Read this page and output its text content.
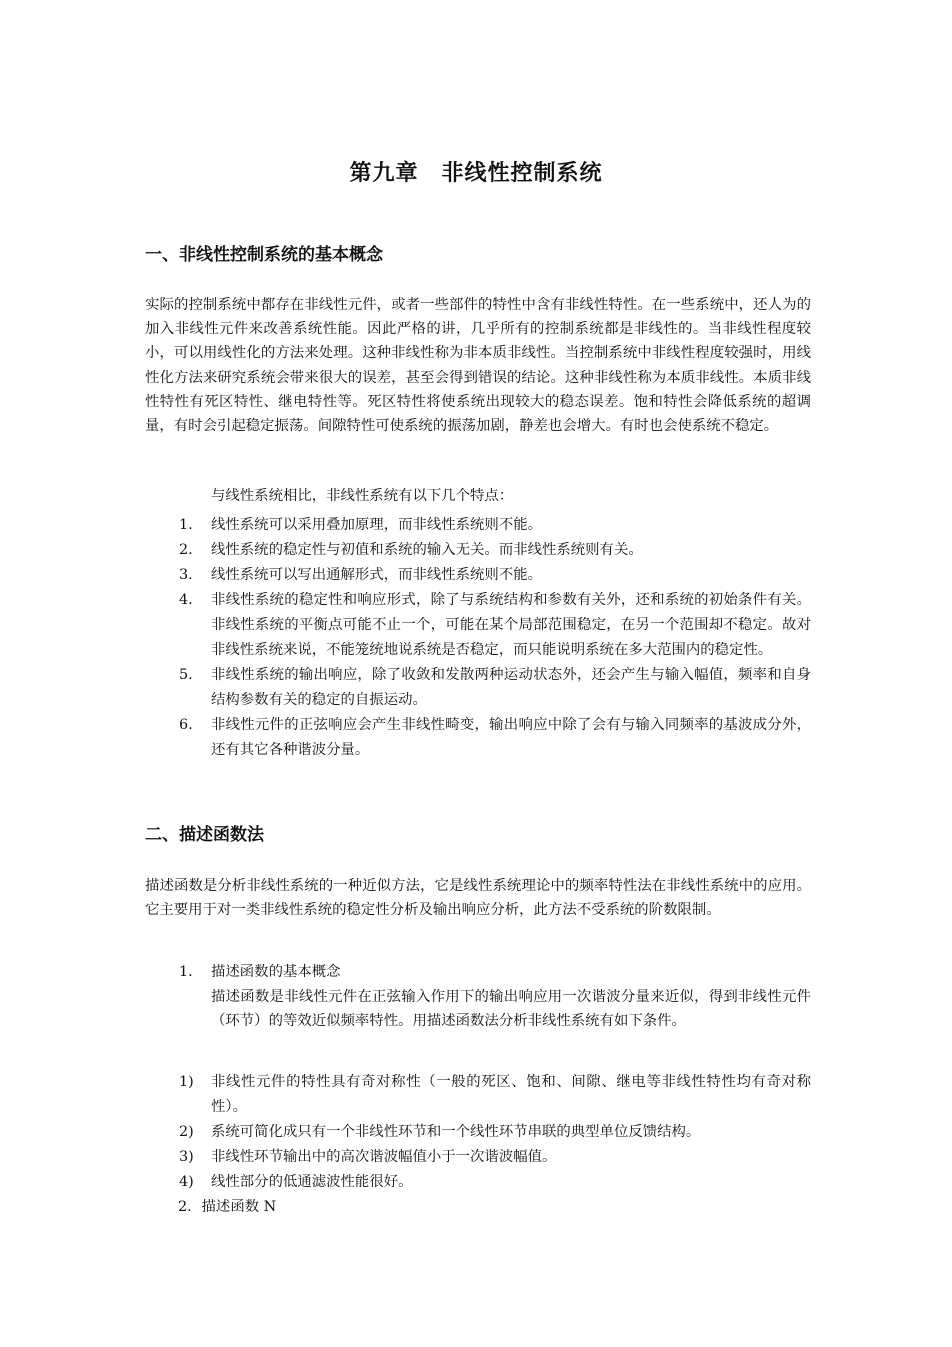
第九章　非线性控制系统
一、非线性控制系统的基本概念
实际的控制系统中都存在非线性元件，或者一些部件的特性中含有非线性特性。在一些系统中，还人为的加入非线性元件来改善系统性能。因此严格的讲，几乎所有的控制系统都是非线性的。当非线性程度较小，可以用线性化的方法来处理。这种非线性称为非本质非线性。当控制系统中非线性程度较强时，用线性化方法来研究系统会带来很大的误差，甚至会得到错误的结论。这种非线性称为本质非线性。本质非线性特性有死区特性、继电特性等。死区特性将使系统出现较大的稳态误差。饱和特性会降低系统的超调量，有时会引起稳定振荡。间隙特性可使系统的振荡加剧，静差也会增大。有时也会使系统不稳定。
与线性系统相比，非线性系统有以下几个特点：
1. 线性系统可以采用叠加原理，而非线性系统则不能。
2. 线性系统的稳定性与初值和系统的输入无关。而非线性系统则有关。
3. 线性系统可以写出通解形式，而非线性系统则不能。
4. 非线性系统的稳定性和响应形式，除了与系统结构和参数有关外，还和系统的初始条件有关。非线性系统的平衡点可能不止一个，可能在某个局部范围稳定，在另一个范围却不稳定。故对非线性系统来说，不能笼统地说系统是否稳定，而只能说明系统在多大范围内的稳定性。
5. 非线性系统的输出响应，除了收敛和发散两种运动状态外，还会产生与输入幅值，频率和自身结构参数有关的稳定的自振运动。
6. 非线性元件的正弦响应会产生非线性畸变，输出响应中除了会有与输入同频率的基波成分外，还有其它各种谐波分量。
二、描述函数法
描述函数是分析非线性系统的一种近似方法，它是线性系统理论中的频率特性法在非线性系统中的应用。它主要用于对一类非线性系统的稳定性分析及输出响应分析，此方法不受系统的阶数限制。
1. 描述函数的基本概念
描述函数是非线性元件在正弦输入作用下的输出响应用一次谐波分量来近似，得到非线性元件（环节）的等效近似频率特性。用描述函数法分析非线性系统有如下条件。
1) 非线性元件的特性具有奇对称性（一般的死区、饱和、间隙、继电等非线性特性均有奇对称性）。
2) 系统可简化成只有一个非线性环节和一个线性环节串联的典型单位反馈结构。
3) 非线性环节输出中的高次谐波幅值小于一次谐波幅值。
4) 线性部分的低通滤波性能很好。
2．描述函数 N
